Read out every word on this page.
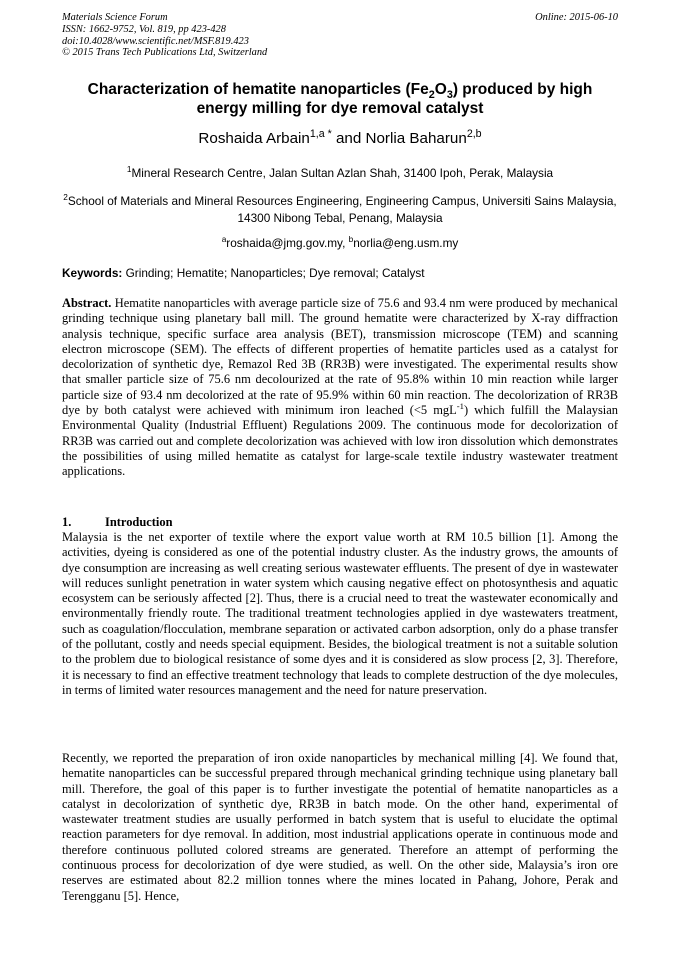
Materials Science Forum
ISSN: 1662-9752, Vol. 819, pp 423-428
doi:10.4028/www.scientific.net/MSF.819.423
© 2015 Trans Tech Publications Ltd, Switzerland
Online: 2015-06-10
Characterization of hematite nanoparticles $(Fe_2O_3)$ produced by high energy milling for dye removal catalyst
Roshaida Arbain$^{1,a *}$ and Norlia Baharun$^{2,b}$
$^1$Mineral Research Centre, Jalan Sultan Azlan Shah, 31400 Ipoh, Perak, Malaysia
$^2$School of Materials and Mineral Resources Engineering, Engineering Campus, Universiti Sains Malaysia, 14300 Nibong Tebal, Penang, Malaysia
$^a$roshaida@jmg.gov.my, $^b$norlia@eng.usm.my
Keywords: Grinding; Hematite; Nanoparticles; Dye removal; Catalyst

Abstract. Hematite nanoparticles with average particle size of 75.6 and 93.4 nm were produced by mechanical grinding technique using planetary ball mill. The ground hematite were characterized by X-ray diffraction analysis technique, specific surface area analysis (BET), transmission microscope (TEM) and scanning electron microscope (SEM). The effects of different properties of hematite particles used as a catalyst for decolorization of synthetic dye, Remazol Red 3B (RR3B) were investigated. The experimental results show that smaller particle size of 75.6 nm decolourized at the rate of 95.8% within 10 min reaction while larger particle size of 93.4 nm decolorized at the rate of 95.9% within 60 min reaction. The decolorization of RR3B dye by both catalyst were achieved with minimum iron leached (<5 mgL$^{-1}$) which fulfill the Malaysian Environmental Quality (Industrial Effluent) Regulations 2009. The continuous mode for decolorization of RR3B was carried out and complete decolorization was achieved with low iron dissolution which demonstrates the possibilities of using milled hematite as catalyst for large-scale textile industry wastewater treatment applications.

1.	Introduction

Malaysia is the net exporter of textile where the export value worth at RM 10.5 billion [1]. Among the activities, dyeing is considered as one of the potential industry cluster. As the industry grows, the amounts of dye consumption are increasing as well creating serious wastewater effluents. The present of dye in wastewater will reduces sunlight penetration in water system which causing negative effect on photosynthesis and aquatic ecosystem can be seriously affected [2]. Thus, there is a crucial need to treat the wastewater economically and environmentally friendly route. The traditional treatment technologies applied in dye wastewaters treatment, such as coagulation/flocculation, membrane separation or activated carbon adsorption, only do a phase transfer of the pollutant, costly and needs special equipment. Besides, the biological treatment is not a suitable solution to the problem due to biological resistance of some dyes and it is considered as slow process [2, 3]. Therefore, it is necessary to find an effective treatment technology that leads to complete destruction of the dye molecules, in terms of limited water resources management and the need for nature preservation.

Recently, we reported the preparation of iron oxide nanoparticles by mechanical milling [4]. We found that, hematite nanoparticles can be successful prepared through mechanical grinding technique using planetary ball mill. Therefore, the goal of this paper is to further investigate the potential of hematite nanoparticles as a catalyst in decolorization of synthetic dye, RR3B in batch mode. On the other hand, experimental of wastewater treatment studies are usually performed in batch system that is useful to elucidate the optimal reaction parameters for dye removal. In addition, most industrial applications operate in continuous mode and therefore continuous polluted colored streams are generated. Therefore an attempt of performing the continuous process for decolorization of dye were studied, as well. On the other side, Malaysia’s iron ore reserves are estimated about 82.2 million tonnes where the mines located in Pahang, Johore, Perak and Terengganu [5]. Hence,
